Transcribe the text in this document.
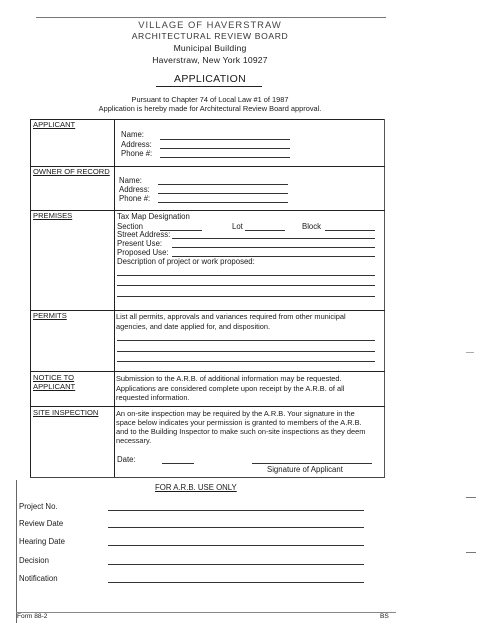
VILLAGE OF HAVERSTRAW
ARCHITECTURAL REVIEW BOARD
Municipal Building
Haverstraw, New York 10927
APPLICATION
Pursuant to Chapter 74 of Local Law #1 of 1987
Application is hereby made for Architectural Review Board approval.
APPLICANT
Name:
Address:
Phone #:
OWNER OF RECORD
Name:
Address:
Phone #:
PREMISES	Tax Map Designation
Section	Lot	Block
Street Address:
Present Use:
Proposed Use:
Description of project or work proposed:
PERMITS	List all permits, approvals and variances required from other municipal
agencies, and date applied for, and disposition.
NOTICE TO
APPLICANT
Submission to the A.R.B. of additional information may be requested.
Applications are considered complete upon receipt by the A.R.B. of all
requested information.
SITE INSPECTION An on-site inspection may be required by the A.R.B. Your signature in the
space below indicates your permission is granted to members of the A.R.B.
and to the Building Inspector to make such on-site inspections as they deem
necessary.
Date:
Signature of Applicant
FOR A.R.B. USE ONLY
Project No.
Review Date
Hearing Date
Decision
Notification
Form 88-2	BS
